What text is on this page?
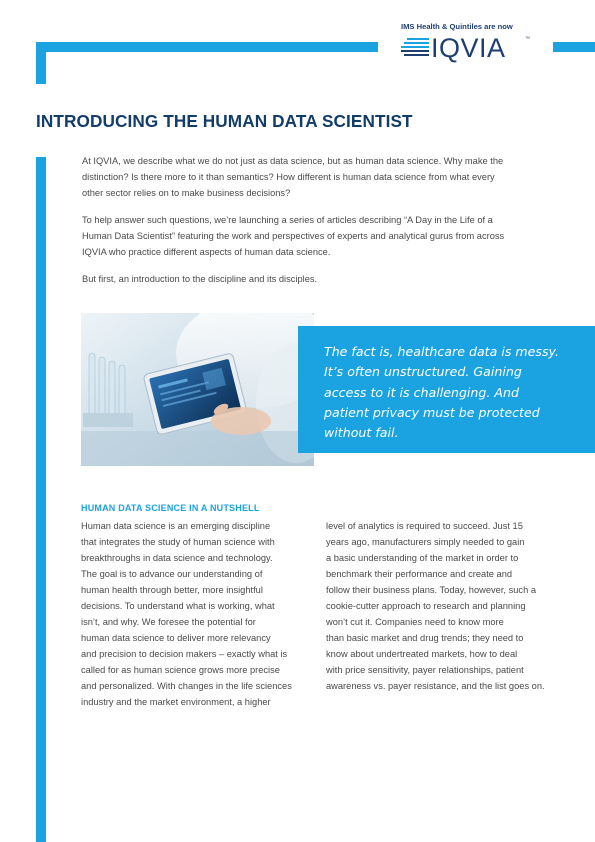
IMS Health & Quintiles are now
IQVIA	™
INTRODUCING THE HUMAN DATA SCIENTIST
At IQVIA, we describe what we do not just as data science, but as human data science. Why make the
distinction? Is there more to it than semantics? How different is human data science from what every
other sector relies on to make business decisions?
To help answer such questions, we’re launching a series of articles describing “A Day in the Life of a
Human Data Scientist” featuring the work and perspectives of experts and analytical gurus from across
IQVIA who practice different aspects of human data science.
But first, an introduction to the discipline and its disciples.
The fact is, healthcare data is messy.
It’s often unstructured. Gaining
access to it is challenging. And
patient privacy must be protected
without fail.
HUMAN DATA SCIENCE IN A NUTSHELL
Human data science is an emerging discipline
that integrates the study of human science with
breakthroughs in data science and technology.
The goal is to advance our understanding of
human health through better, more insightful
decisions. To understand what is working, what
isn’t, and why. We foresee the potential for
human data science to deliver more relevancy
and precision to decision makers – exactly what is
called for as human science grows more precise
and personalized. With changes in the life sciences
industry and the market environment, a higher
level of analytics is required to succeed. Just 15
years ago, manufacturers simply needed to gain
a basic understanding of the market in order to
benchmark their performance and create and
follow their business plans. Today, however, such a
cookie-cutter approach to research and planning
won’t cut it. Companies need to know more
than basic market and drug trends; they need to
know about undertreated markets, how to deal
with price sensitivity, payer relationships, patient
awareness vs. payer resistance, and the list goes on.
